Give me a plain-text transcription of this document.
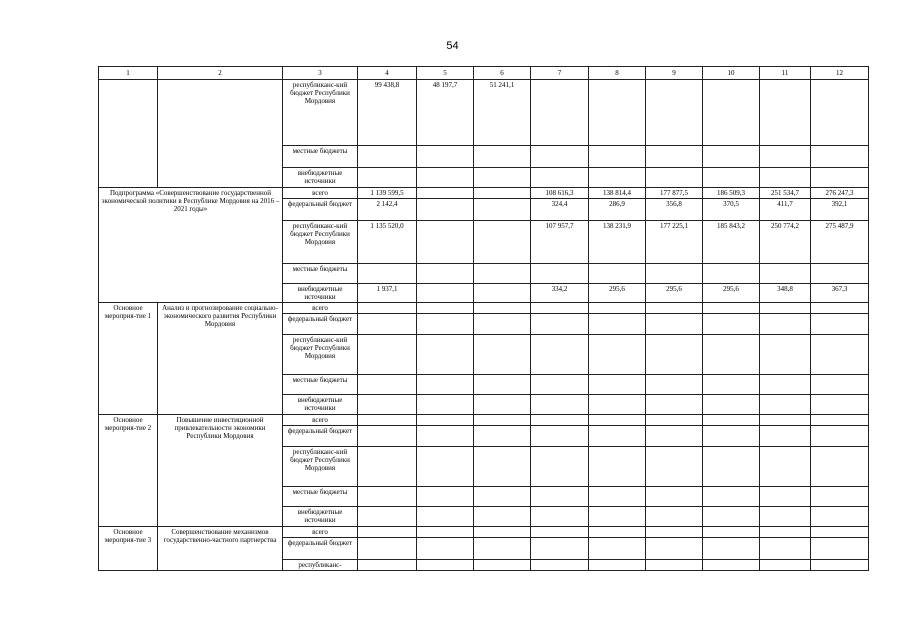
54
1	2	3	4	5	6	7	8	9	10	11	12
		республиканс-кий бюджет Республики Мордовия	99 438,8	48 197,7	51 241,1						
		местные бюджеты									
		внебюджетные источники									
Подпрограмма «Совершенствование государственной экономической политики в Республике Мордовия на 2016 – 2021 годы»		всего	1 139 599,5			108 616,3	138 814,4	177 877,5	186 509,3	251 534,7	276 247,3
		федеральный бюджет	2 142,4			324,4	286,9	356,8	370,5	411,7	392,1
		республиканс-кий бюджет Республики Мордовия	1 135 520,0			107 957,7	138 231,9	177 225,1	185 843,2	250 774,2	275 487,9
		местные бюджеты									
		внебюджетные источники	1 937,1			334,2	295,6	295,6	295,6	348,8	367,3
Основное мероприя-тие 1	Анализ и прогнозирование социально-экономического развития Республики Мордовия	всего									
		федеральный бюджет									
		республиканс-кий бюджет Республики Мордовия									
		местные бюджеты									
		внебюджетные источники									
Основное мероприя-тие 2	Повышение инвестиционной привлекательности экономики Республики Мордовия	всего									
		федеральный бюджет									
		республиканс-кий бюджет Республики Мордовия									
		местные бюджеты									
		внебюджетные источники									
Основное мероприя-тие 3	Совершенствование механизмов государственно-частного партнерства	всего									
		федеральный бюджет									
		республиканс-									
